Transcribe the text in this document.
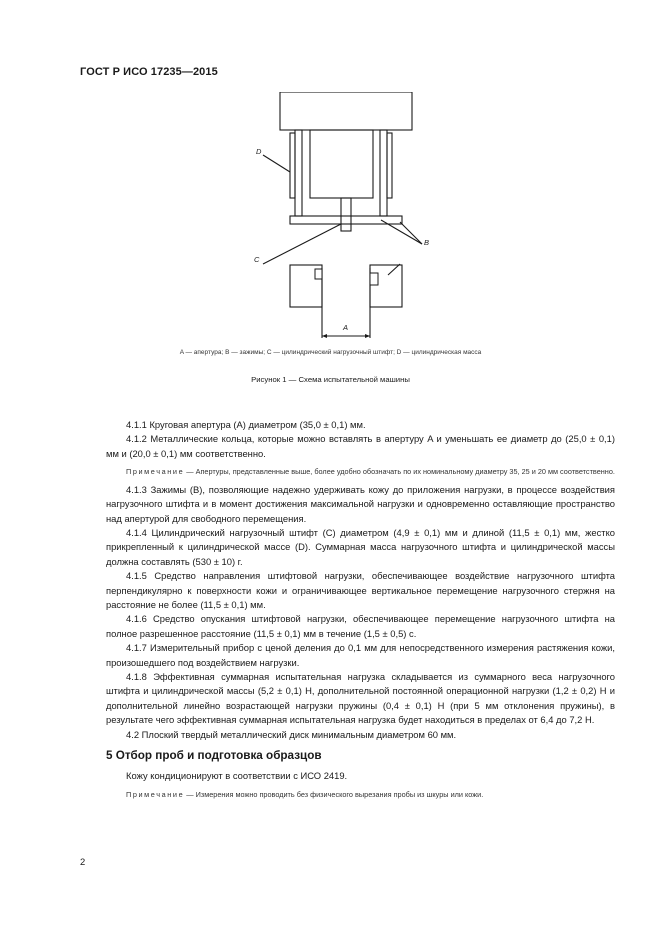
ГОСТ Р ИСО 17235—2015
D
C
B
A
A — апертура; B — зажимы; C — цилиндрический нагрузочный штифт; D — цилиндрическая масса
Рисунок 1 — Схема испытательной машины

4.1.1 Круговая апертура (A) диаметром (35,0 ± 0,1) мм.

4.1.2 Металлические кольца, которые можно вставлять в апертуру A и уменьшать ее диаметр до (25,0 ± 0,1) мм и (20,0 ± 0,1) мм соответственно.

Примечание — Апертуры, представленные выше, более удобно обозначать по их номинальному диаметру 35, 25 и 20 мм соответственно.

4.1.3 Зажимы (B), позволяющие надежно удерживать кожу до приложения нагрузки, в процессе воздействия нагрузочного штифта и в момент достижения максимальной нагрузки и одновременно оставляющие пространство над апертурой для свободного перемещения.

4.1.4 Цилиндрический нагрузочный штифт (C) диаметром (4,9 ± 0,1) мм и длиной (11,5 ± 0,1) мм, жестко прикрепленный к цилиндрической массе (D). Суммарная масса нагрузочного штифта и цилиндрической массы должна составлять (530 ± 10) г.

4.1.5 Средство направления штифтовой нагрузки, обеспечивающее воздействие нагрузочного штифта перпендикулярно к поверхности кожи и ограничивающее вертикальное перемещение нагрузочного стержня на расстояние не более (11,5 ± 0,1) мм.

4.1.6 Средство опускания штифтовой нагрузки, обеспечивающее перемещение нагрузочного штифта на полное разрешенное расстояние (11,5 ± 0,1) мм в течение (1,5 ± 0,5) с.

4.1.7 Измерительный прибор с ценой деления до 0,1 мм для непосредственного измерения растяжения кожи, произошедшего под воздействием нагрузки.

4.1.8 Эффективная суммарная испытательная нагрузка складывается из суммарного веса нагрузочного штифта и цилиндрической массы (5,2 ± 0,1) Н, дополнительной постоянной операционной нагрузки (1,2 ± 0,2) Н и дополнительной линейно возрастающей нагрузки пружины (0,4 ± 0,1) Н (при 5 мм отклонения пружины), в результате чего эффективная суммарная испытательная нагрузка будет находиться в пределах от 6,4 до 7,2 Н.

4.2 Плоский твердый металлический диск минимальным диаметром 60 мм.

5 Отбор проб и подготовка образцов

Кожу кондиционируют в соответствии с ИСО 2419.

Примечание — Измерения можно проводить без физического вырезания пробы из шкуры или кожи.

2
